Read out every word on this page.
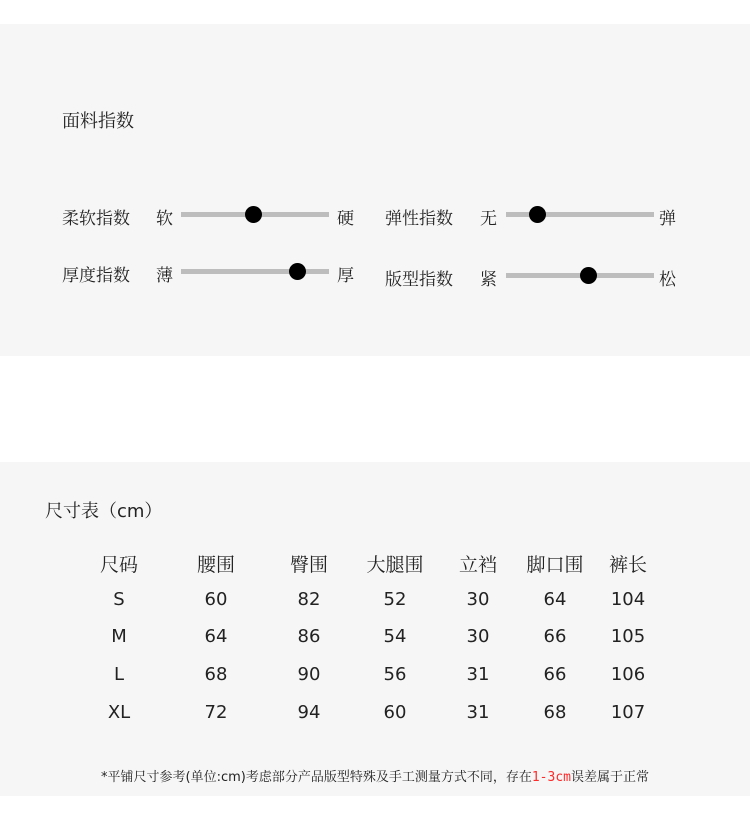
面料指数
柔软指数 软	硬 弹性指数 无	弹
厚度指数 薄	厚 版型指数 紧	松
尺寸表（cm）
尺码	腰围	臀围	大腿围	立裆	脚口围	裤长
S	60	82	52	30	64	104
M	64	86	54	30	66	105
L	68	90	56	31	66	106
XL	72	94	60	31	68	107
*平铺尺寸参考(单位:cm)考虑部分产品版型特殊及手工测量方式不同，存在1-3cm误差属于正常
